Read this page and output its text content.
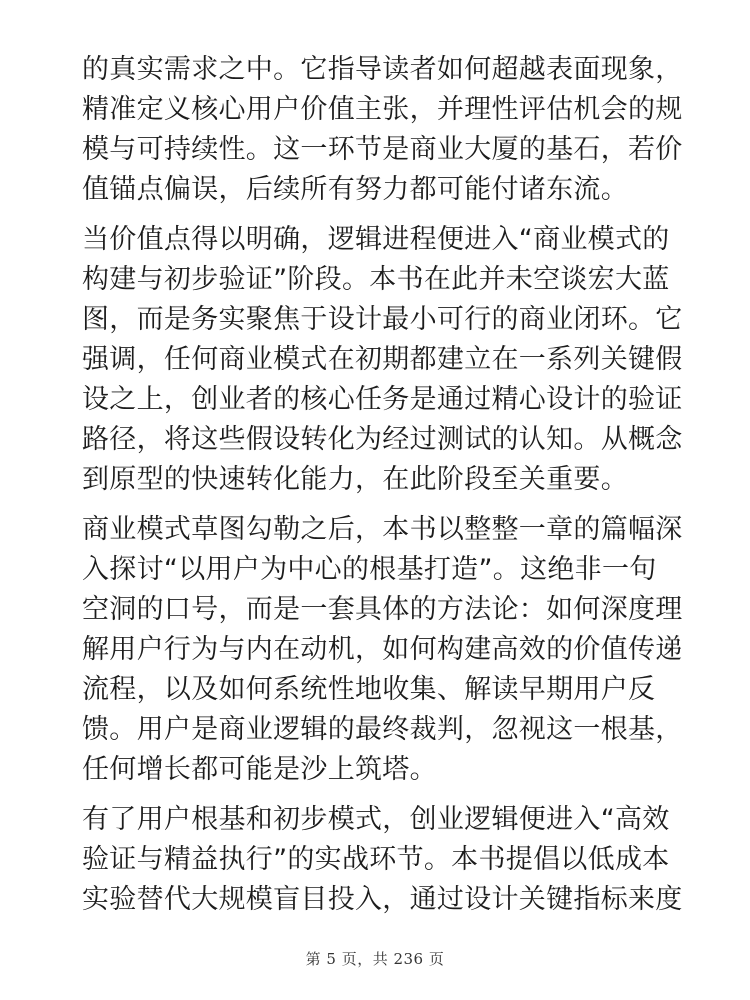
的真实需求之中。它指导读者如何超越表面现象，
精准定义核心用户价值主张，并理性评估机会的规
模与可持续性。这一环节是商业大厦的基石，若价
值锚点偏误，后续所有努力都可能付诸东流。

当价值点得以明确，逻辑进程便进入“商业模式的
构建与初步验证”阶段。本书在此并未空谈宏大蓝
图，而是务实聚焦于设计最小可行的商业闭环。它
强调，任何商业模式在初期都建立在一系列关键假
设之上，创业者的核心任务是通过精心设计的验证
路径，将这些假设转化为经过测试的认知。从概念
到原型的快速转化能力，在此阶段至关重要。

商业模式草图勾勒之后，本书以整整一章的篇幅深
入探讨“以用户为中心的根基打造”。这绝非一句
空洞的口号，而是一套具体的方法论：如何深度理
解用户行为与内在动机，如何构建高效的价值传递
流程，以及如何系统性地收集、解读早期用户反
馈。用户是商业逻辑的最终裁判，忽视这一根基，
任何增长都可能是沙上筑塔。

有了用户根基和初步模式，创业逻辑便进入“高效
验证与精益执行”的实战环节。本书提倡以低成本
实验替代大规模盲目投入，通过设计关键指标来度

第 5 页，共 236 页
